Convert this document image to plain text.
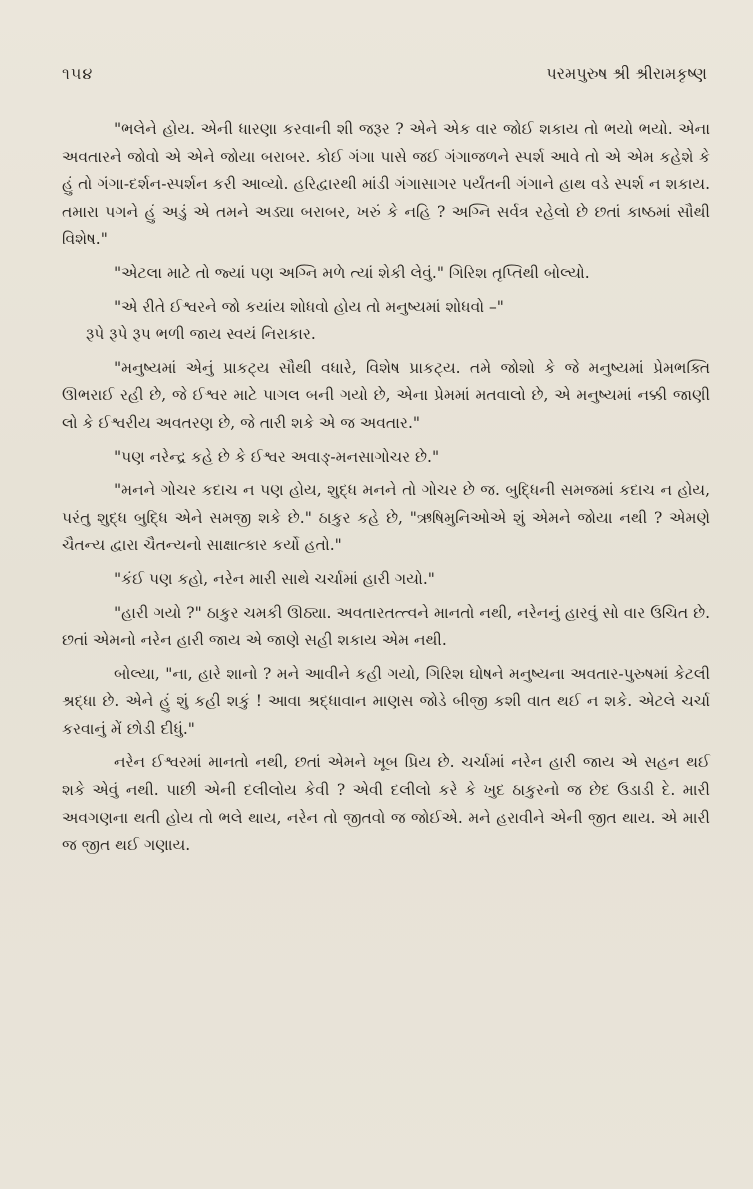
૧૫૪	પરમપુરુષ શ્રી શ્રીરામકૃષ્ણ

"ભલેને હોય. એની ધારણા કરવાની શી જરૂર ? એને એક વાર જોઈ શકાય તો ભયો ભયો. એના અવતારને જોવો એ એને જોયા બરાબર. કોઈ ગંગા પાસે જઈ ગંગાજળને સ્પર્શ આવે તો એ એમ કહેશે કે હું તો ગંગા-દર્શન-સ્પર્શન કરી આવ્યો. હરિદ્વારથી માંડી ગંગાસાગર પર્યંતની ગંગાને હાથ વડે સ્પર્શ ન શકાય. તમારા પગને હું અડું એ તમને અડ્યા બરાબર, ખરું કે નહિ ? અગ્નિ સર્વત્ર રહેલો છે છતાં કાષ્ઠમાં સૌથી વિશેષ."

"એટલા માટે તો જ્યાં પણ અગ્નિ મળે ત્યાં શેકી લેવું." ગિરિશ તૃપ્તિથી બોલ્યો.

"એ રીતે ઈશ્વરને જો કયાંય શોધવો હોય તો મનુષ્યમાં શોધવો –"
રૂપે રૂપે રૂપ ભળી જાય સ્વયં નિરાકાર.

"મનુષ્યમાં એનું પ્રાકટ્ય સૌથી વધારે, વિશેષ પ્રાકટ્ય. તમે જોશો કે જે મનુષ્યમાં પ્રેમભક્તિ ઊભરાઈ રહી છે, જે ઈશ્વર માટે પાગલ બની ગયો છે, એના પ્રેમમાં મતવાલો છે, એ મનુષ્યમાં નક્કી જાણી લો કે ઈશ્વરીય અવતરણ છે, જે તારી શકે એ જ અવતાર."

"પણ નરેન્દ્ર કહે છે કે ઈશ્વર અવાઙ્-મનસાગોચર છે."

"મનને ગોચર કદાચ ન પણ હોય, શુદ્ધ મનને તો ગોચર છે જ. બુદ્ધિની સમજમાં કદાચ ન હોય, પરંતુ શુદ્ધ બુદ્ધિ એને સમજી શકે છે." ઠાકુર કહે છે, "ઋષિમુનિઓએ શું એમને જોયા નથી ? એમણે ચૈતન્ય દ્વારા ચૈતન્યનો સાક્ષાત્કાર કર્યો હતો."

"કંઈ પણ કહો, નરેન મારી સાથે ચર્ચામાં હારી ગયો."

"હારી ગયો ?" ઠાકુર ચમકી ઊઠ્યા. અવતારતત્ત્વને માનતો નથી, નરેનનું હારવું સો વાર ઉચિત છે. છતાં એમનો નરેન હારી જાય એ જાણે સહી શકાય એમ નથી.

બોલ્યા, "ના, હારે શાનો ? મને આવીને કહી ગયો, ગિરિશ ઘોષને મનુષ્યના અવતાર-પુરુષમાં કેટલી શ્રદ્ધા છે. એને હું શું કહી શકું ! આવા શ્રદ્ધાવાન માણસ જોડે બીજી કશી વાત થઈ ન શકે. એટલે ચર્ચા કરવાનું મેં છોડી દીધું."

નરેન ઈશ્વરમાં માનતો નથી, છતાં એમને ખૂબ પ્રિય છે. ચર્ચામાં નરેન હારી જાય એ સહન થઈ શકે એવું નથી. પાછી એની દલીલોય કેવી ? એવી દલીલો કરે કે ખુદ ઠાકુરનો જ છેદ ઉડાડી દે. મારી અવગણના થતી હોય તો ભલે થાય, નરેન તો જીતવો જ જોઈએ. મને હરાવીને એની જીત થાય. એ મારી જ જીત થઈ ગણાય.
